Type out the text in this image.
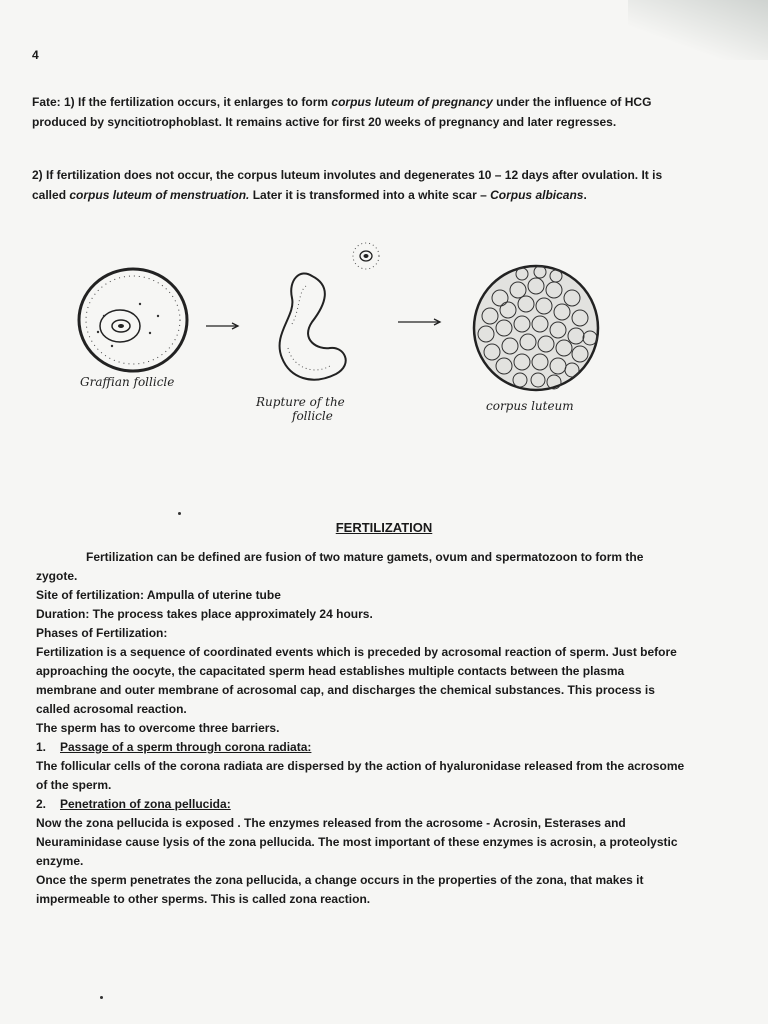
4
Fate: 1) If the fertilization occurs, it enlarges to form corpus luteum of pregnancy under the influence of HCG produced by syncitiotrophoblast. It remains active for first 20 weeks of pregnancy and later regresses.
2) If fertilization does not occur, the corpus luteum involutes and degenerates 10 – 12 days after ovulation. It is called corpus luteum of menstruation. Later it is transformed into a white scar – Corpus albicans.
Graffian follicle
Rupture of the
follicle
corpus luteum
FERTILIZATION

Fertilization can be defined are fusion of two mature gamets, ovum and spermatozoon to form the zygote.

Site of fertilization: Ampulla of uterine tube

Duration: The process takes place approximately 24 hours.

Phases of Fertilization:

Fertilization is a sequence of coordinated events which is preceded by acrosomal reaction of sperm. Just before approaching the oocyte, the capacitated sperm head establishes multiple contacts between the plasma membrane and outer membrane of acrosomal cap, and discharges the chemical substances. This process is called acrosomal reaction.

The sperm has to overcome three barriers.

1. Passage of a sperm through corona radiata:

The follicular cells of the corona radiata are dispersed by the action of hyaluronidase released from the acrosome of the sperm.

2. Penetration of zona pellucida:

Now the zona pellucida is exposed . The enzymes released from the acrosome - Acrosin, Esterases and Neuraminidase cause lysis of the zona pellucida. The most important of these enzymes is acrosin, a proteolystic enzyme.

Once the sperm penetrates the zona pellucida, a change occurs in the properties of the zona, that makes it impermeable to other sperms. This is called zona reaction.
